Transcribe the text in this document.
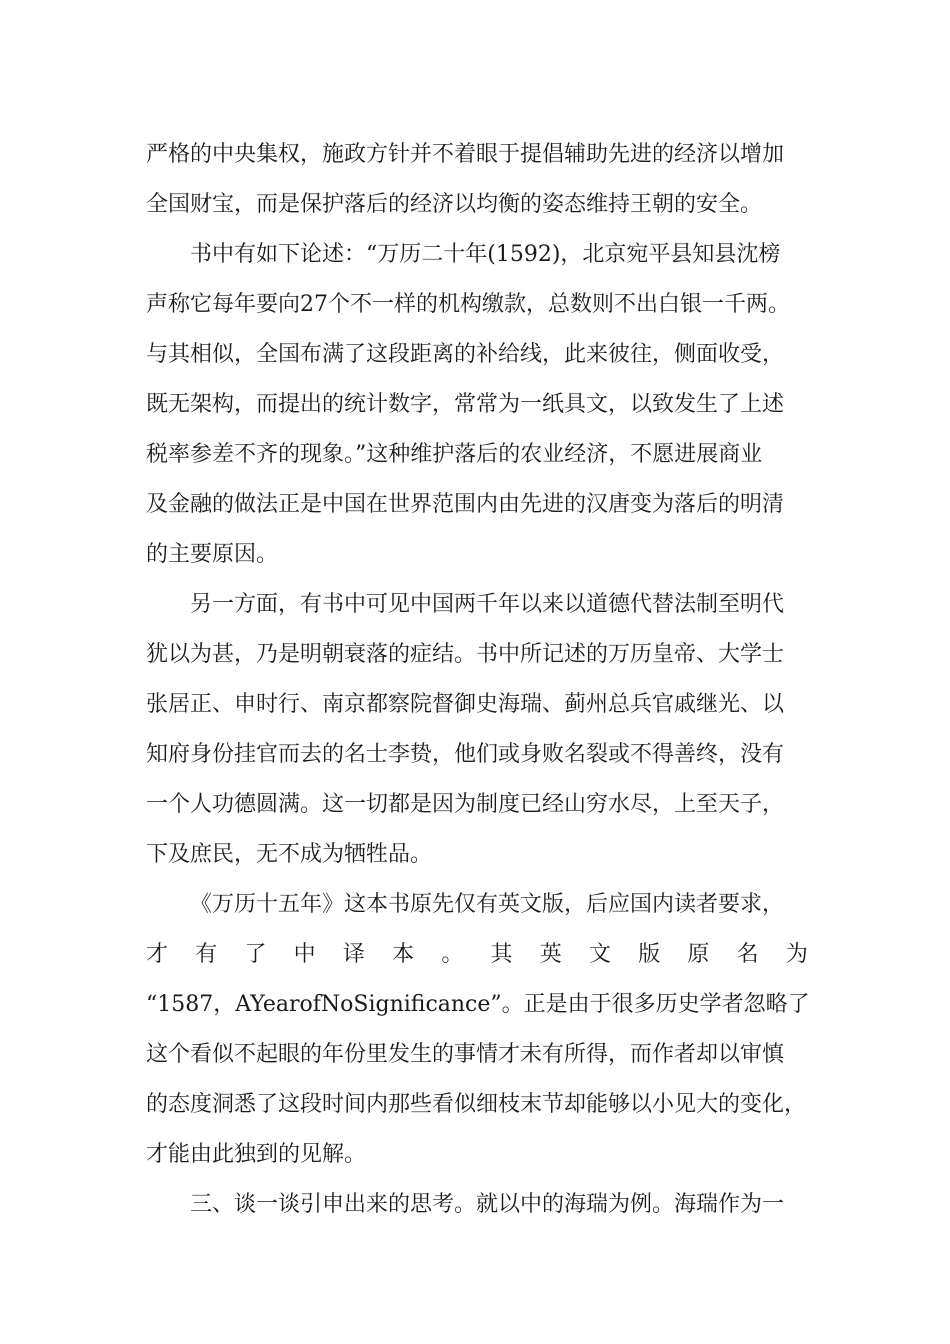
严格的中央集权，施政方针并不着眼于提倡辅助先进的经济以增加
全国财宝，而是保护落后的经济以均衡的姿态维持王朝的安全。
书中有如下论述：“万历二十年(1592)，北京宛平县知县沈榜
声称它每年要向27个不一样的机构缴款，总数则不出白银一千两。
与其相似，全国布满了这段距离的补给线，此来彼往，侧面收受，
既无架构，而提出的统计数字，常常为一纸具文，以致发生了上述
税率参差不齐的现象。”这种维护落后的农业经济，不愿进展商业
及金融的做法正是中国在世界范围内由先进的汉唐变为落后的明清
的主要原因。
另一方面，有书中可见中国两千年以来以道德代替法制至明代
犹以为甚，乃是明朝衰落的症结。书中所记述的万历皇帝、大学士
张居正、申时行、南京都察院督御史海瑞、蓟州总兵官戚继光、以
知府身份挂官而去的名士李贽，他们或身败名裂或不得善终，没有
一个人功德圆满。这一切都是因为制度已经山穷水尽，上至天子，
下及庶民，无不成为牺牲品。
《万历十五年》这本书原先仅有英文版，后应国内读者要求，
才 有 了 中 译 本 。 其 英 文 版 原 名 为
“1587，AYearofNoSignificance”。正是由于很多历史学者忽略了
这个看似不起眼的年份里发生的事情才未有所得，而作者却以审慎
的态度洞悉了这段时间内那些看似细枝末节却能够以小见大的变化，
才能由此独到的见解。
三、谈一谈引申出来的思考。就以中的海瑞为例。海瑞作为一
